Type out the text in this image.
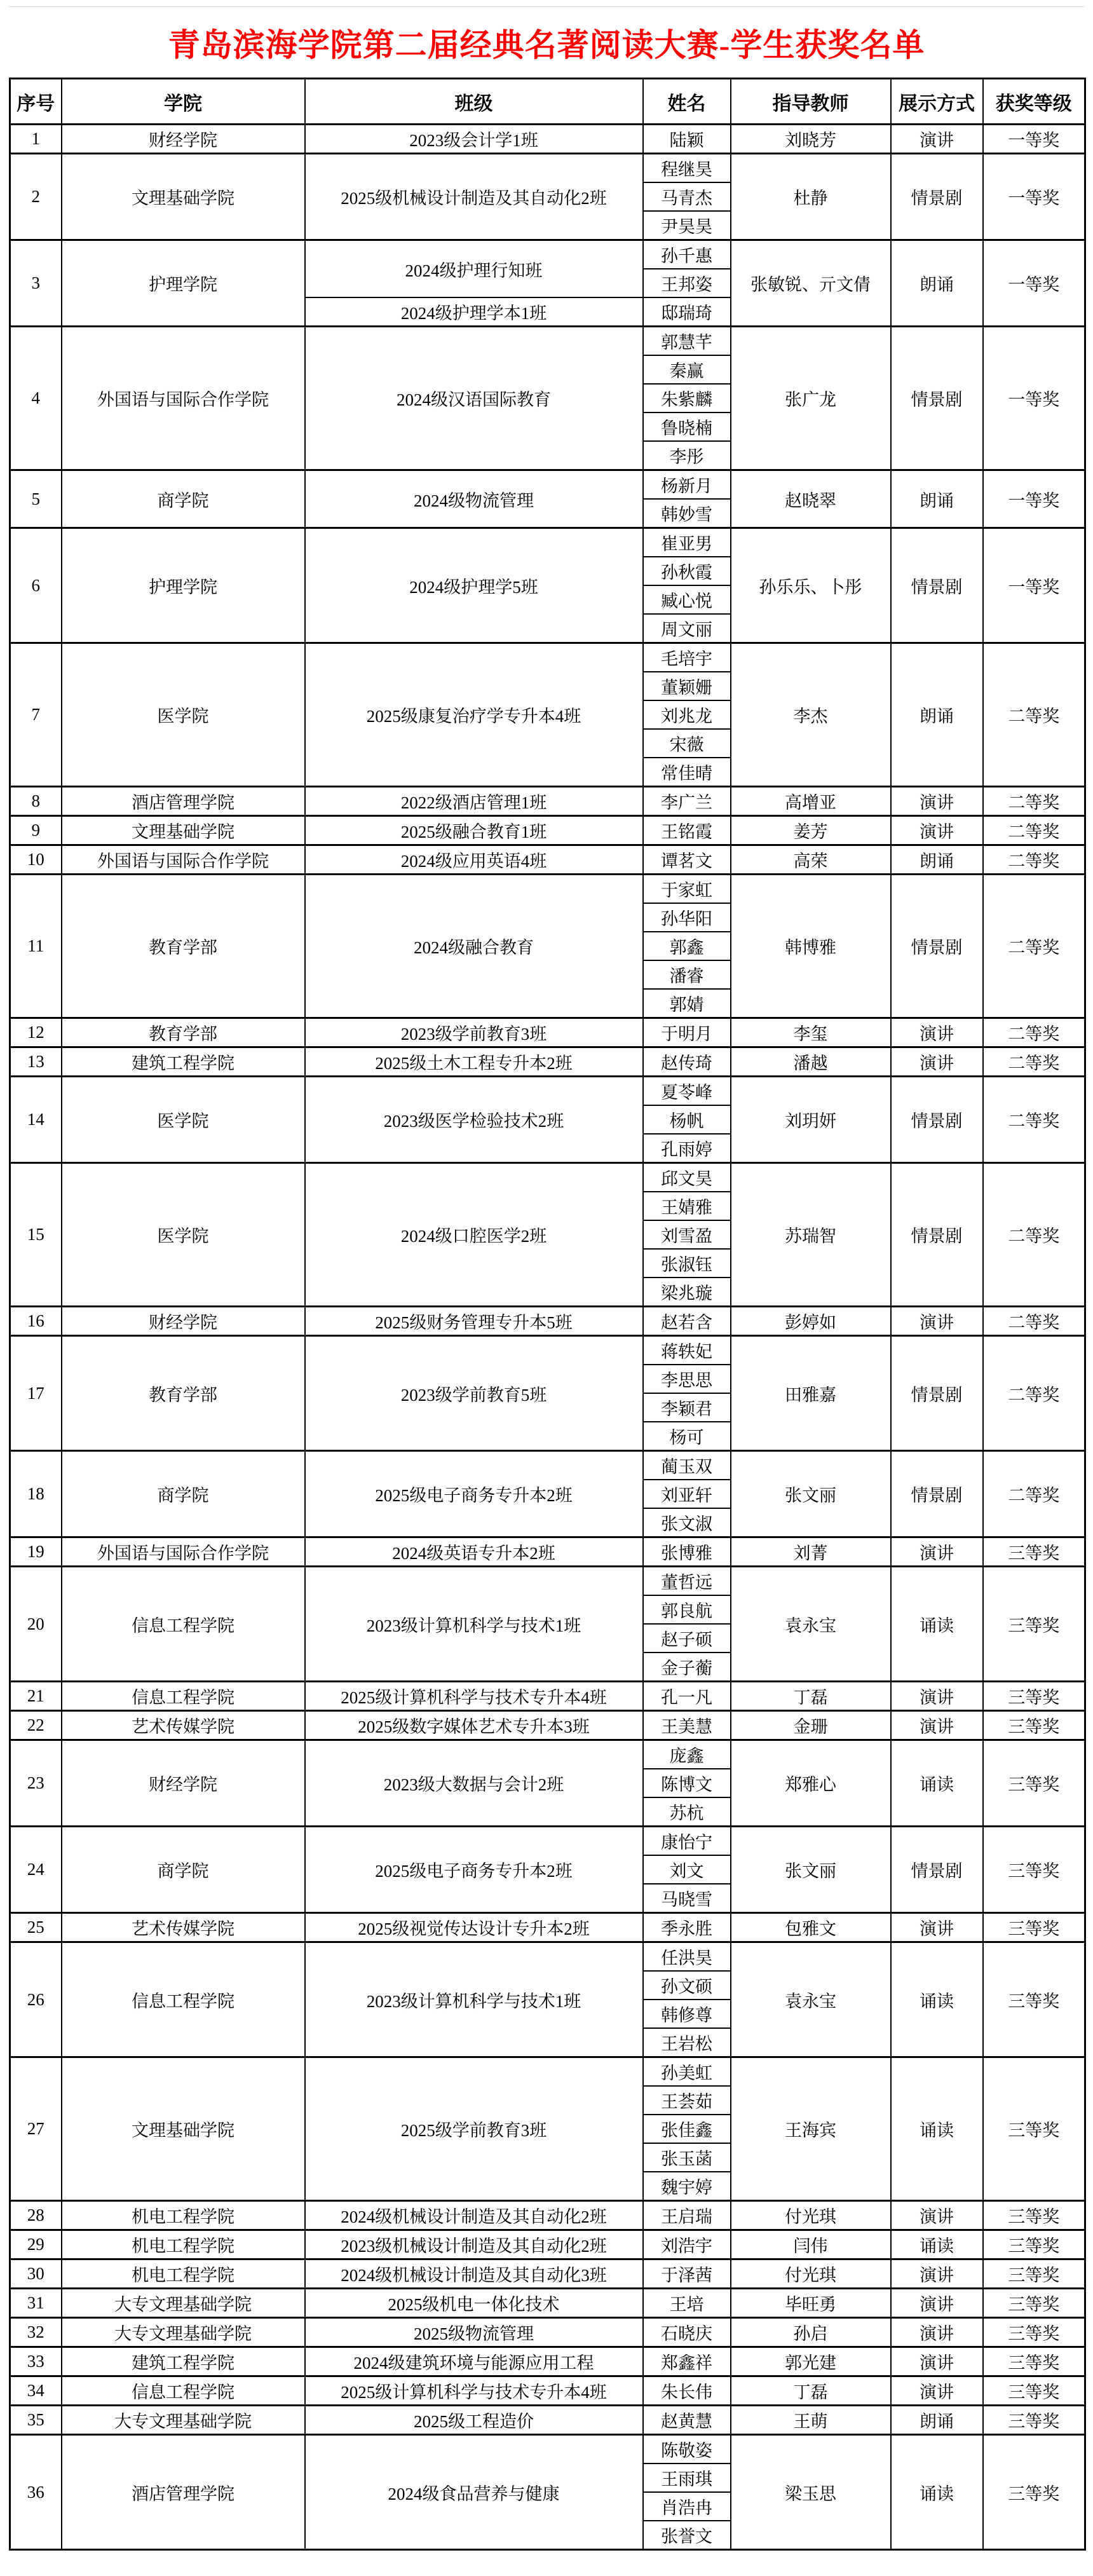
青岛滨海学院第二届经典名著阅读大赛-学生获奖名单
序号	学院	班级	姓名	指导教师	展示方式	获奖等级
1	财经学院	2023级会计学1班	陆颖	刘晓芳	演讲	一等奖
2	文理基础学院	2025级机械设计制造及其自动化2班	程继昊	杜静	情景剧	一等奖
			马青杰			
			尹昊昊			
3	护理学院	2024级护理行知班	孙千惠	张敏锐、亓文倩	朗诵	一等奖
			王邦姿			
		2024级护理学本1班	邸瑞琦			
4	外国语与国际合作学院	2024级汉语国际教育	郭慧芊	张广龙	情景剧	一等奖
			秦赢			
			朱紫麟			
			鲁晓楠			
			李彤			
5	商学院	2024级物流管理	杨新月	赵晓翠	朗诵	一等奖
			韩妙雪			
6	护理学院	2024级护理学5班	崔亚男	孙乐乐、卜彤	情景剧	一等奖
			孙秋霞			
			臧心悦			
			周文丽			
7	医学院	2025级康复治疗学专升本4班	毛培宇	李杰	朗诵	二等奖
			董颖姗			
			刘兆龙			
			宋薇			
			常佳晴			
8	酒店管理学院	2022级酒店管理1班	李广兰	高增亚	演讲	二等奖
9	文理基础学院	2025级融合教育1班	王铭霞	姜芳	演讲	二等奖
10	外国语与国际合作学院	2024级应用英语4班	谭茗文	高荣	朗诵	二等奖
11	教育学部	2024级融合教育	于家虹	韩博雅	情景剧	二等奖
			孙华阳			
			郭鑫			
			潘睿			
			郭婧			
12	教育学部	2023级学前教育3班	于明月	李玺	演讲	二等奖
13	建筑工程学院	2025级土木工程专升本2班	赵传琦	潘越	演讲	二等奖
14	医学院	2023级医学检验技术2班	夏苓峰	刘玥妍	情景剧	二等奖
			杨帆			
			孔雨婷			
15	医学院	2024级口腔医学2班	邱文昊	苏瑞智	情景剧	二等奖
			王婧雅			
			刘雪盈			
			张淑钰			
			梁兆璇			
16	财经学院	2025级财务管理专升本5班	赵若含	彭婷如	演讲	二等奖
17	教育学部	2023级学前教育5班	蒋轶妃	田雅嘉	情景剧	二等奖
			李思思			
			李颖君			
			杨可			
18	商学院	2025级电子商务专升本2班	蔺玉双	张文丽	情景剧	二等奖
			刘亚轩			
			张文淑			
19	外国语与国际合作学院	2024级英语专升本2班	张博雅	刘菁	演讲	三等奖
20	信息工程学院	2023级计算机科学与技术1班	董哲远	袁永宝	诵读	三等奖
			郭良航			
			赵子硕			
			金子蘅			
21	信息工程学院	2025级计算机科学与技术专升本4班	孔一凡	丁磊	演讲	三等奖
22	艺术传媒学院	2025级数字媒体艺术专升本3班	王美慧	金珊	演讲	三等奖
23	财经学院	2023级大数据与会计2班	庞鑫	郑雅心	诵读	三等奖
			陈博文			
			苏杭			
24	商学院	2025级电子商务专升本2班	康怡宁	张文丽	情景剧	三等奖
			刘文			
			马晓雪			
25	艺术传媒学院	2025级视觉传达设计专升本2班	季永胜	包雅文	演讲	三等奖
26	信息工程学院	2023级计算机科学与技术1班	任洪昊	袁永宝	诵读	三等奖
			孙文硕			
			韩修尊			
			王岩松			
27	文理基础学院	2025级学前教育3班	孙美虹	王海宾	诵读	三等奖
			王荟茹			
			张佳鑫			
			张玉菡			
			魏宇婷			
28	机电工程学院	2024级机械设计制造及其自动化2班	王启瑞	付光琪	演讲	三等奖
29	机电工程学院	2023级机械设计制造及其自动化2班	刘浩宇	闫伟	诵读	三等奖
30	机电工程学院	2024级机械设计制造及其自动化3班	于泽茜	付光琪	演讲	三等奖
31	大专文理基础学院	2025级机电一体化技术	王培	毕旺勇	演讲	三等奖
32	大专文理基础学院	2025级物流管理	石晓庆	孙启	演讲	三等奖
33	建筑工程学院	2024级建筑环境与能源应用工程	郑鑫祥	郭光建	演讲	三等奖
34	信息工程学院	2025级计算机科学与技术专升本4班	朱长伟	丁磊	演讲	三等奖
35	大专文理基础学院	2025级工程造价	赵黄慧	王萌	朗诵	三等奖
36	酒店管理学院	2024级食品营养与健康	陈敬姿	梁玉思	诵读	三等奖
			王雨琪			
			肖浩冉			
			张誉文			
